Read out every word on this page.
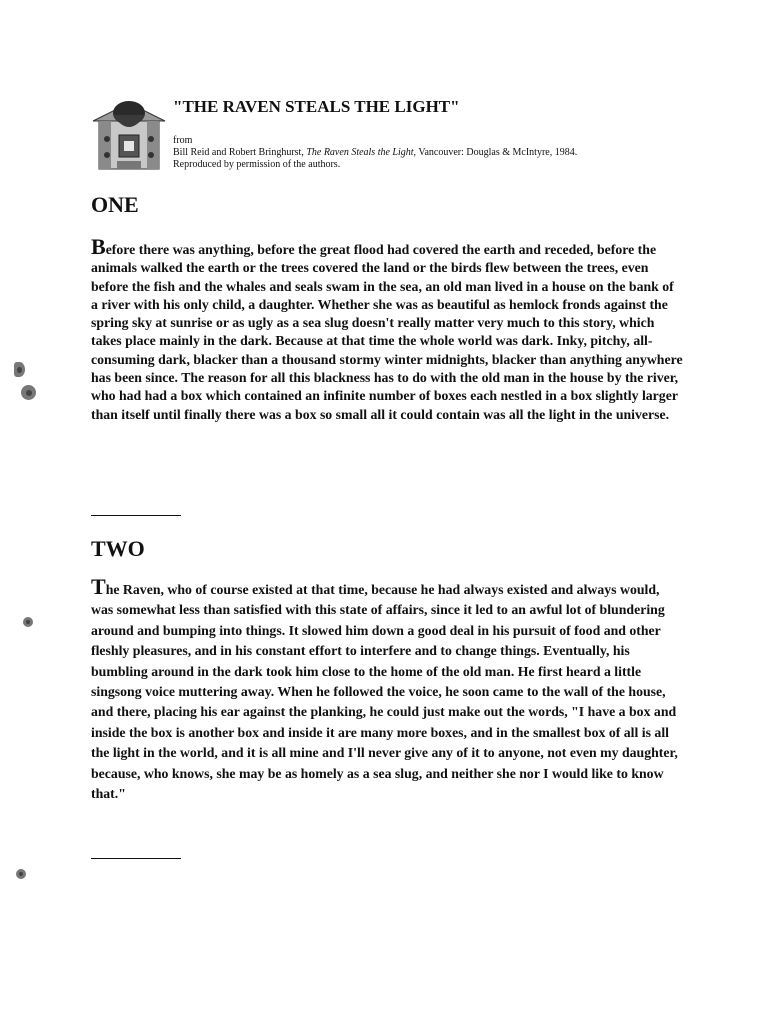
"THE RAVEN STEALS THE LIGHT"
from
Bill Reid and Robert Bringhurst, The Raven Steals the Light, Vancouver: Douglas & McIntyre, 1984.
Reproduced by permission of the authors.
ONE

Before there was anything, before the great flood had covered the earth and receded, before the animals walked the earth or the trees covered the land or the birds flew between the trees, even before the fish and the whales and seals swam in the sea, an old man lived in a house on the bank of a river with his only child, a daughter. Whether she was as beautiful as hemlock fronds against the spring sky at sunrise or as ugly as a sea slug doesn't really matter very much to this story, which takes place mainly in the dark. Because at that time the whole world was dark. Inky, pitchy, all-consuming dark, blacker than a thousand stormy winter midnights, blacker than anything anywhere has been since. The reason for all this blackness has to do with the old man in the house by the river, who had had a box which contained an infinite number of boxes each nestled in a box slightly larger than itself until finally there was a box so small all it could contain was all the light in the universe.

TWO

The Raven, who of course existed at that time, because he had always existed and always would, was somewhat less than satisfied with this state of affairs, since it led to an awful lot of blundering around and bumping into things. It slowed him down a good deal in his pursuit of food and other fleshly pleasures, and in his constant effort to interfere and to change things. Eventually, his bumbling around in the dark took him close to the home of the old man. He first heard a little singsong voice muttering away. When he followed the voice, he soon came to the wall of the house, and there, placing his ear against the planking, he could just make out the words, "I have a box and inside the box is another box and inside it are many more boxes, and in the smallest box of all is all the light in the world, and it is all mine and I'll never give any of it to anyone, not even my daughter, because, who knows, she may be as homely as a sea slug, and neither she nor I would like to know that."
